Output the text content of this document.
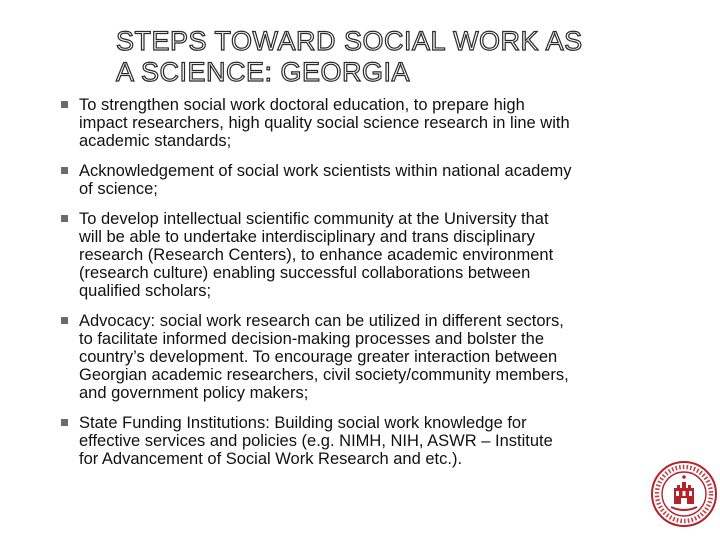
STEPS TOWARD SOCIAL WORK AS
A SCIENCE: GEORGIA
To strengthen social work doctoral education, to prepare high
impact researchers, high quality social science research in line with
academic standards;
Acknowledgement of social work scientists within national academy
of science;
To develop intellectual scientific community at the University that
will be able to undertake interdisciplinary and trans disciplinary
research (Research Centers), to enhance academic environment
(research culture) enabling successful collaborations between
qualified scholars;
Advocacy: social work research can be utilized in different sectors,
to facilitate informed decision-making processes and bolster the
country’s development. To encourage greater interaction between
Georgian academic researchers, civil society/community members,
and government policy makers;
State Funding Institutions: Building social work knowledge for
effective services and policies (e.g. NIMH, NIH, ASWR – Institute
for Advancement of Social Work Research and etc.).
